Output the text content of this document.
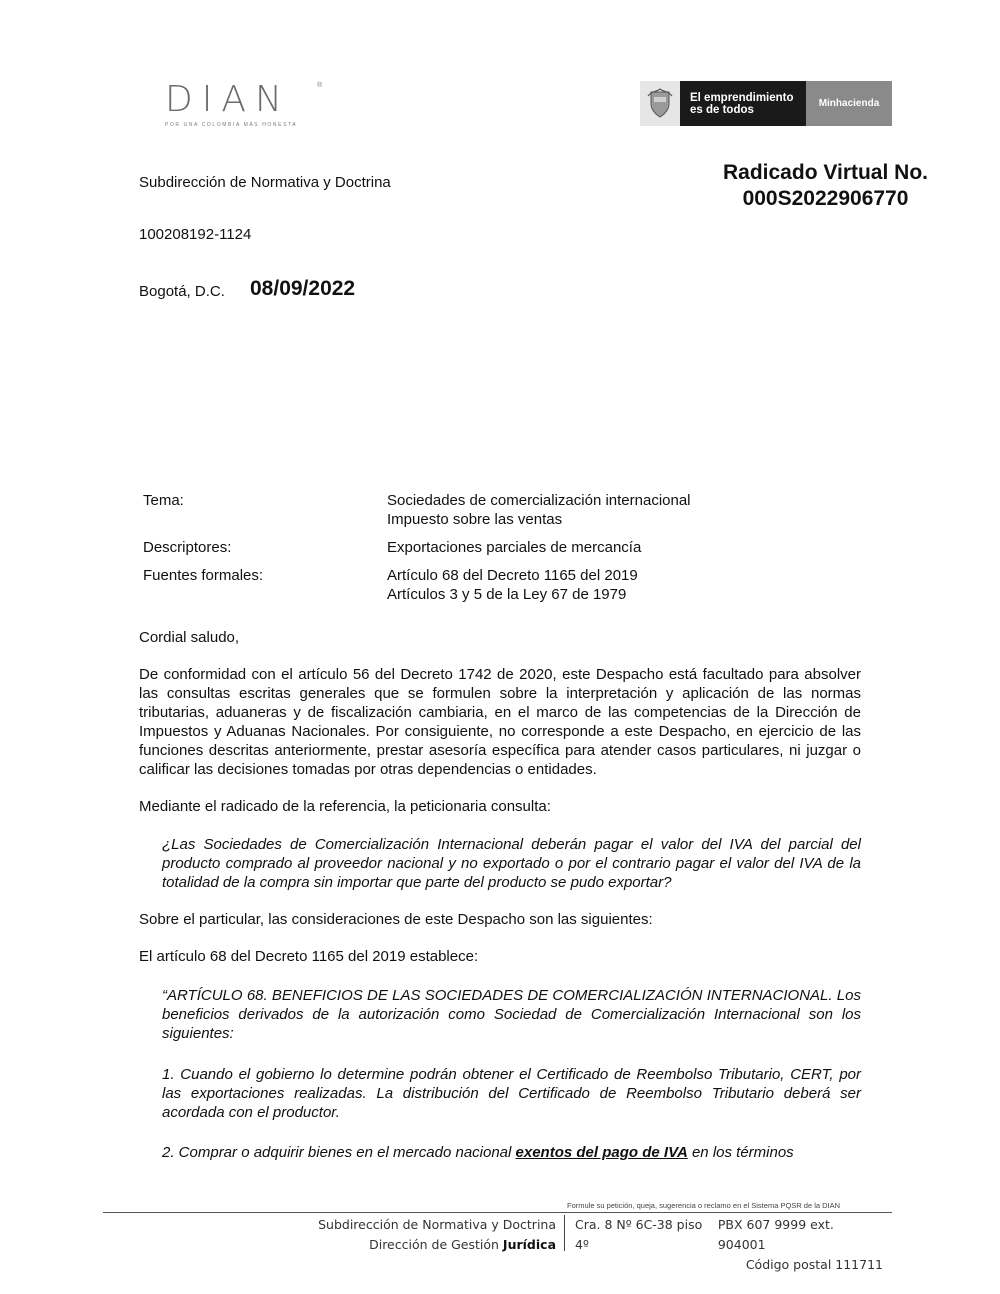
DIAN	®
POR UNA COLOMBIA MÁS HONESTA
El emprendimiento
es de todos	Minhacienda
Subdirección de Normativa y Doctrina	Radicado Virtual No.
000S2022906770
100208192-1124
Bogotá, D.C. 08/09/2022
Tema:	Sociedades de comercialización internacional
Impuesto sobre las ventas
Descriptores:	Exportaciones parciales de mercancía
Fuentes formales:	Artículo 68 del Decreto 1165 del 2019
Artículos 3 y 5 de la Ley 67 de 1979
Cordial saludo,
De conformidad con el artículo 56 del Decreto 1742 de 2020, este Despacho está facultado para absolver las consultas escritas generales que se formulen sobre la interpretación y aplicación de las normas tributarias, aduaneras y de fiscalización cambiaria, en el marco de las competencias de la Dirección de Impuestos y Aduanas Nacionales. Por consiguiente, no corresponde a este Despacho, en ejercicio de las funciones descritas anteriormente, prestar asesoría específica para atender casos particulares, ni juzgar o calificar las decisiones tomadas por otras dependencias o entidades.
Mediante el radicado de la referencia, la peticionaria consulta:
¿Las Sociedades de Comercialización Internacional deberán pagar el valor del IVA del parcial del producto comprado al proveedor nacional y no exportado o por el contrario pagar el valor del IVA de la totalidad de la compra sin importar que parte del producto se pudo exportar?
Sobre el particular, las consideraciones de este Despacho son las siguientes:
El artículo 68 del Decreto 1165 del 2019 establece:
“ARTÍCULO 68. BENEFICIOS DE LAS SOCIEDADES DE COMERCIALIZACIÓN INTERNACIONAL. Los beneficios derivados de la autorización como Sociedad de Comercialización Internacional son los siguientes:
1. Cuando el gobierno lo determine podrán obtener el Certificado de Reembolso Tributario, CERT, por las exportaciones realizadas. La distribución del Certificado de Reembolso Tributario deberá ser acordada con el productor.
2. Comprar o adquirir bienes en el mercado nacional exentos del pago de IVA en los términos
Formule su petición, queja, sugerencia o reclamo en el Sistema PQSR de la DIAN
Subdirección de Normativa y Doctrina
Dirección de Gestión Jurídica
Cra. 8 Nº 6C-38 piso 4º
PBX 607 9999 ext. 904001
Código postal 111711
